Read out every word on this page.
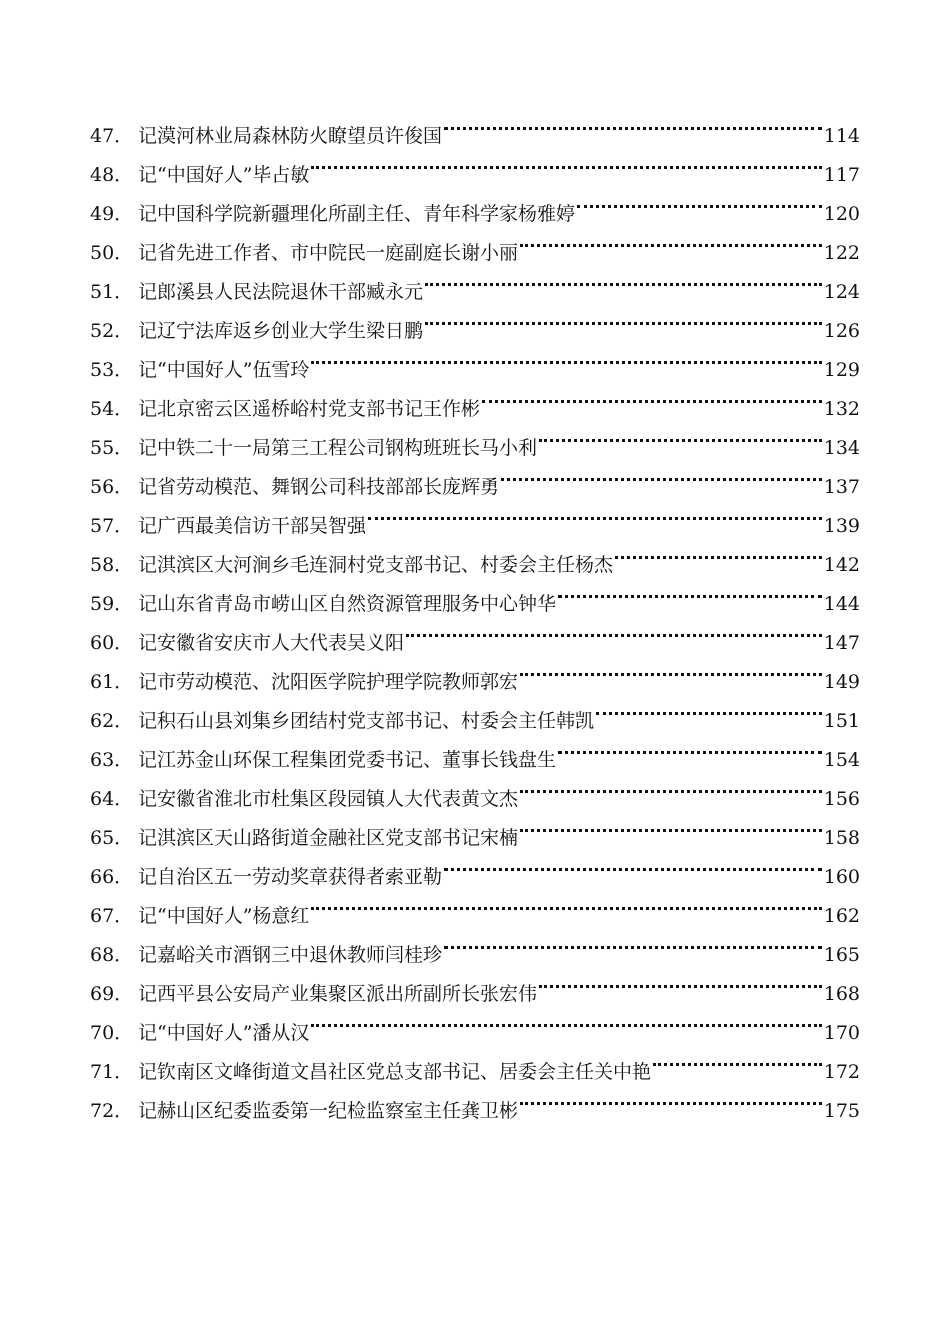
47． 记漠河林业局森林防火瞭望员许俊国	114
48． 记“中国好人”毕占敏	117
49． 记中国科学院新疆理化所副主任、青年科学家杨雅婷	120
50． 记省先进工作者、市中院民一庭副庭长谢小丽	122
51． 记郎溪县人民法院退休干部臧永元	124
52． 记辽宁法库返乡创业大学生梁日鹏	126
53． 记“中国好人”伍雪玲	129
54． 记北京密云区遥桥峪村党支部书记王作彬	132
55． 记中铁二十一局第三工程公司钢构班班长马小利	134
56． 记省劳动模范、舞钢公司科技部部长庞辉勇	137
57． 记广西最美信访干部吴智强	139
58． 记淇滨区大河涧乡毛连洞村党支部书记、村委会主任杨杰	142
59． 记山东省青岛市崂山区自然资源管理服务中心钟华	144
60． 记安徽省安庆市人大代表吴义阳	147
61． 记市劳动模范、沈阳医学院护理学院教师郭宏	149
62． 记积石山县刘集乡团结村党支部书记、村委会主任韩凯	151
63． 记江苏金山环保工程集团党委书记、董事长钱盘生	154
64． 记安徽省淮北市杜集区段园镇人大代表黄文杰	156
65． 记淇滨区天山路街道金融社区党支部书记宋楠	158
66． 记自治区五一劳动奖章获得者索亚勒	160
67． 记“中国好人”杨意红	162
68． 记嘉峪关市酒钢三中退休教师闫桂珍	165
69． 记西平县公安局产业集聚区派出所副所长张宏伟	168
70． 记“中国好人”潘从汉	170
71． 记钦南区文峰街道文昌社区党总支部书记、居委会主任关中艳	172
72． 记赫山区纪委监委第一纪检监察室主任龚卫彬	175
